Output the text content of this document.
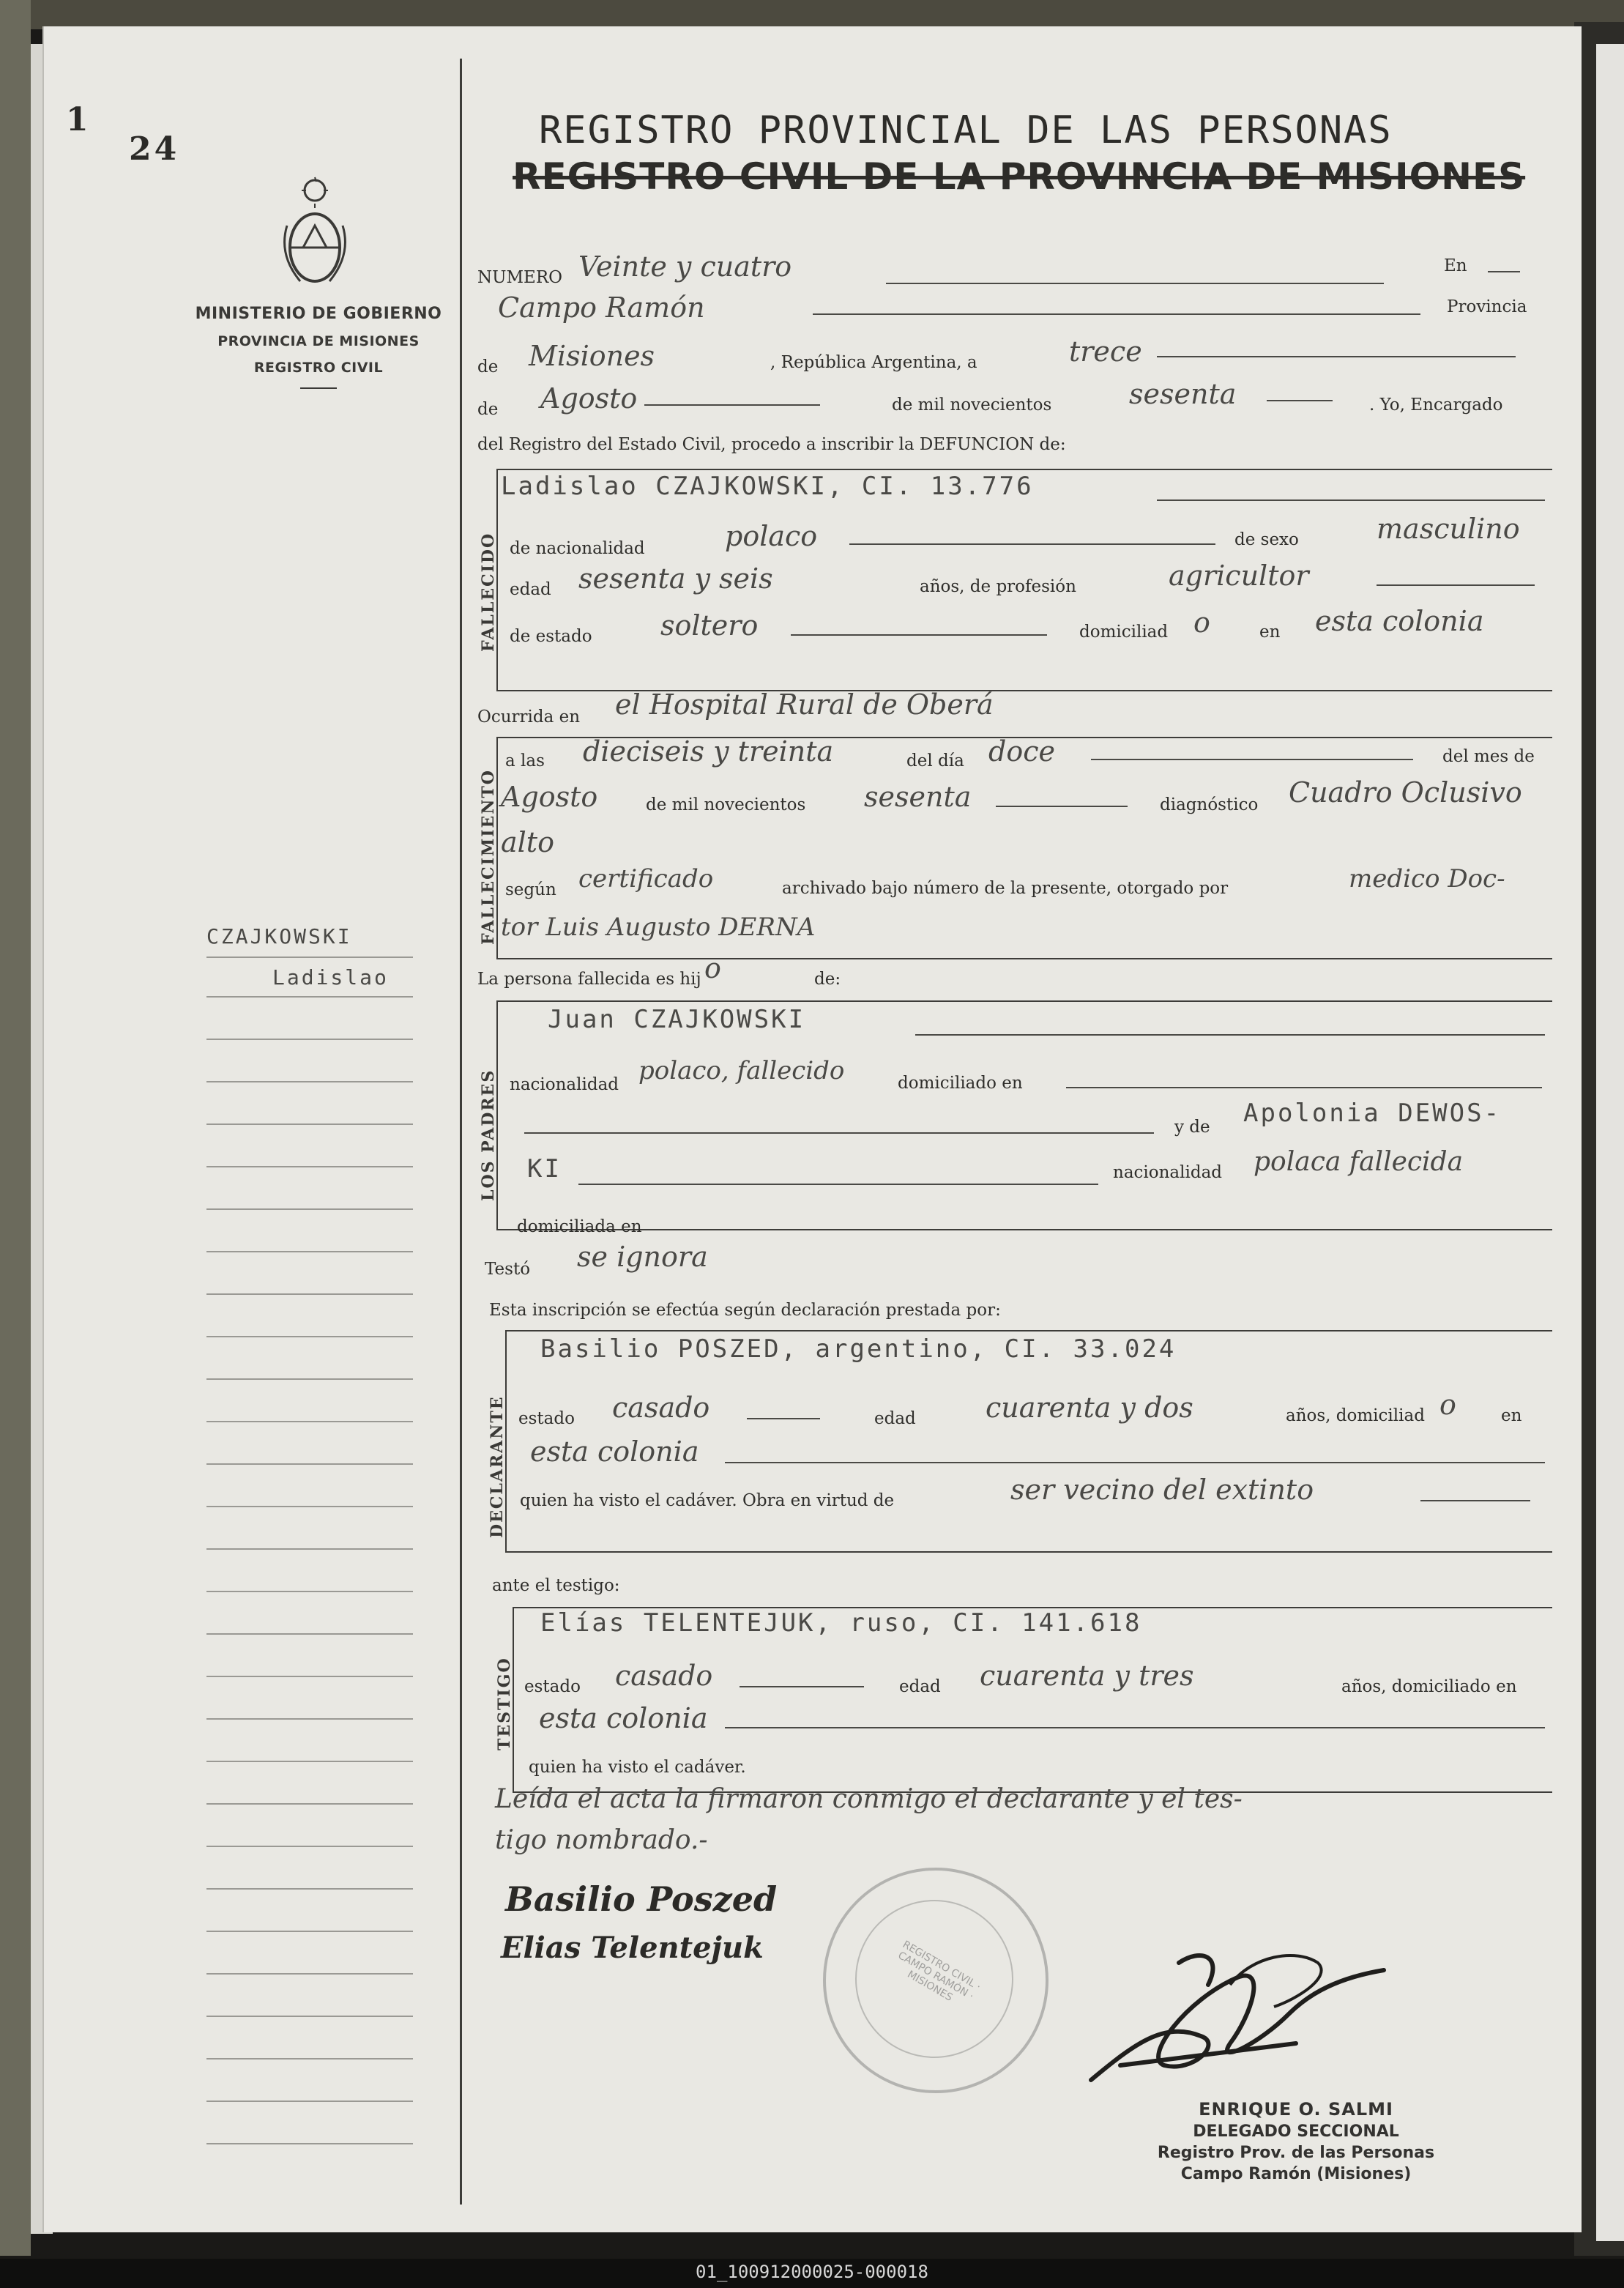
1
24
MINISTERIO DE GOBIERNO
PROVINCIA DE MISIONES
REGISTRO CIVIL
CZAJKOWSKI
Ladislao
REGISTRO PROVINCIAL DE LAS PERSONAS
REGISTRO CIVIL DE LA PROVINCIA DE MISIONES
NUMERO Veinte y cuatro	En
Campo Ramón	Provincia
de Misiones	, República Argentina, a	trece
de Agosto	de mil novecientos	sesenta	. Yo, Encargado
del Registro del Estado Civil, procedo a inscribir la DEFUNCION de:
FALLECIDO
Ladislao CZAJKOWSKI, CI. 13.776
de nacionalidad	polaco	de sexo	masculino
edad sesenta y seis	años, de profesión	agricultor
de estado soltero	domiciliad o	en esta colonia
Ocurrida en el Hospital Rural de Oberá
FALLECIMIENTO
a las dieciseis y treinta	del día doce	del mes de
Agosto	de mil novecientos sesenta	diagnóstico Cuadro Oclusivo
alto
según certificado	archivado bajo número de la presente, otorgado por	medico Doc-
tor Luis Augusto DERNA
La persona fallecida es hij o	de:
LOS PADRES
Juan CZAJKOWSKI
nacionalidad polaco, fallecido	domiciliado en
y de Apolonia DEWOS-
KI	nacionalidad polaca fallecida
domiciliada en
Testó se ignora
Esta inscripción se efectúa según declaración prestada por:
DECLARANTE
Basilio POSZED, argentino, CI. 33.024
estado casado	edad	cuarenta y dos	años, domiciliad o	en
esta colonia
quien ha visto el cadáver. Obra en virtud de	ser vecino del extinto
ante el testigo:
TESTIGO
Elías TELENTEJUK, ruso, CI. 141.618
estado casado	edad cuarenta y tres	años, domiciliado en
esta colonia
quien ha visto el cadáver.
Leída el acta la firmaron conmigo el declarante y el tes-
tigo nombrado.-
Basilio Poszed
Elias Telentejuk	REGISTRO CIVIL · CAMPO RAMÓN · MISIONES
ENRIQUE O. SALMI
DELEGADO SECCIONAL
Registro Prov. de las Personas
Campo Ramón (Misiones)
01_100912000025-000018
